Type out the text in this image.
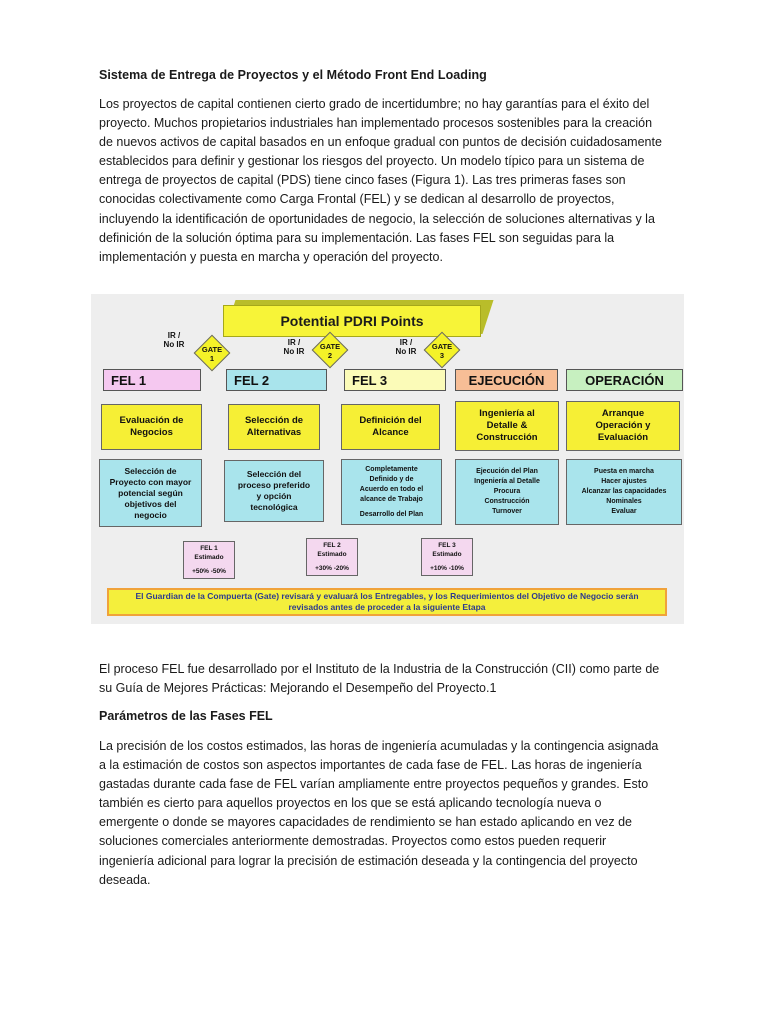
Sistema de Entrega de Proyectos y el Método Front End Loading

Los proyectos de capital contienen cierto grado de incertidumbre; no hay garantías para el éxito del
proyecto. Muchos propietarios industriales han implementado procesos sostenibles para la creación
de nuevos activos de capital basados en un enfoque gradual con puntos de decisión cuidadosamente
establecidos para definir y gestionar los riesgos del proyecto. Un modelo típico para un sistema de
entrega de proyectos de capital (PDS) tiene cinco fases (Figura 1). Las tres primeras fases son
conocidas colectivamente como Carga Frontal (FEL) y se dedican al desarrollo de proyectos,
incluyendo la identificación de oportunidades de negocio, la selección de soluciones alternativas y la
definición de la solución óptima para su implementación. Las fases FEL son seguidas para la
implementación y puesta en marcha y operación del proyecto.

Potential PDRI Points
IR /
No IR	IR /
No IR
IR /
No IR
GATE
1
GATE
2
GATE
3
FEL 1	FEL 2	FEL 3	EJECUCIÓN	OPERACIÓN
Evaluación de Negocios
Selección de Alternativas
Definición del Alcance
Ingeniería al Detalle & Construcción
Arranque Operación y Evaluación
Selección de Proyecto con mayor potencial según objetivos del negocio
Selección del proceso preferido y opción tecnológica
Completamente
Definido y de
Acuerdo en todo el
alcance de Trabajo
Desarrollo del Plan
Ejecución del Plan
Ingeniería al Detalle
Procura
Construcción
Turnover
Puesta en marcha
Hacer ajustes
Alcanzar las capacidades
Nominales
Evaluar
FEL 1
Estimado
+50% -50%
FEL 2
Estimado
+30% -20%
FEL 3
Estimado
+10% -10%
El Guardian de la Compuerta (Gate) revisará y evaluará los Entregables, y los Requerimientos del Objetivo de Negocio serán revisados antes de proceder a la siguiente Etapa

El proceso FEL fue desarrollado por el Instituto de la Industria de la Construcción (CII) como parte de
su Guía de Mejores Prácticas: Mejorando el Desempeño del Proyecto.1

Parámetros de las Fases FEL

La precisión de los costos estimados, las horas de ingeniería acumuladas y la contingencia asignada
a la estimación de costos son aspectos importantes de cada fase de FEL. Las horas de ingeniería
gastadas durante cada fase de FEL varían ampliamente entre proyectos pequeños y grandes. Esto
también es cierto para aquellos proyectos en los que se está aplicando tecnología nueva o
emergente o donde se mayores capacidades de rendimiento se han estado aplicando en vez de
soluciones comerciales anteriormente demostradas. Proyectos como estos pueden requerir
ingeniería adicional para lograr la precisión de estimación deseada y la contingencia del proyecto
deseada.
